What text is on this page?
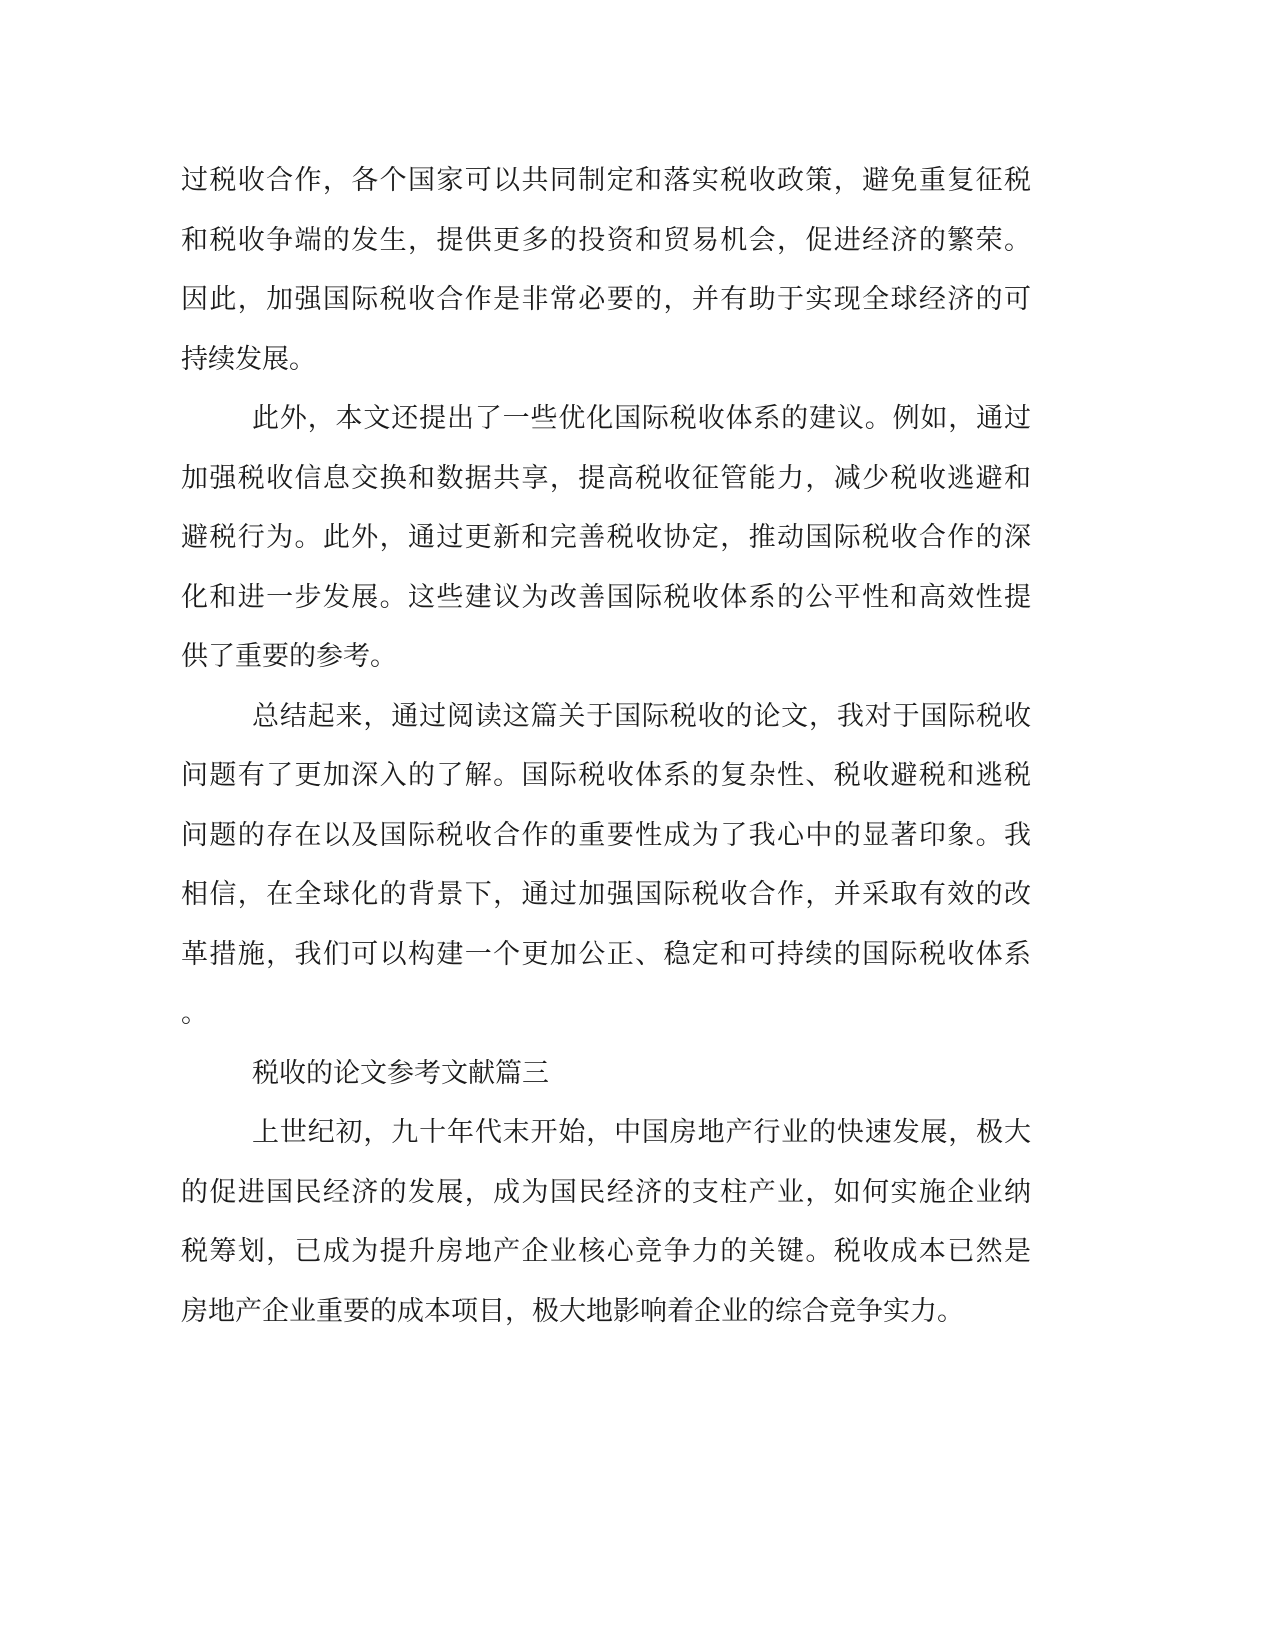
过税收合作，各个国家可以共同制定和落实税收政策，避免重复征税
和税收争端的发生，提供更多的投资和贸易机会，促进经济的繁荣。
因此，加强国际税收合作是非常必要的，并有助于实现全球经济的可
持续发展。
此外，本文还提出了一些优化国际税收体系的建议。例如，通过
加强税收信息交换和数据共享，提高税收征管能力，减少税收逃避和
避税行为。此外，通过更新和完善税收协定，推动国际税收合作的深
化和进一步发展。这些建议为改善国际税收体系的公平性和高效性提
供了重要的参考。
总结起来，通过阅读这篇关于国际税收的论文，我对于国际税收
问题有了更加深入的了解。国际税收体系的复杂性、税收避税和逃税
问题的存在以及国际税收合作的重要性成为了我心中的显著印象。我
相信，在全球化的背景下，通过加强国际税收合作，并采取有效的改
革措施，我们可以构建一个更加公正、稳定和可持续的国际税收体系
。
税收的论文参考文献篇三
上世纪初，九十年代末开始，中国房地产行业的快速发展，极大
的促进国民经济的发展，成为国民经济的支柱产业，如何实施企业纳
税筹划，已成为提升房地产企业核心竞争力的关键。税收成本已然是
房地产企业重要的成本项目，极大地影响着企业的综合竞争实力。
